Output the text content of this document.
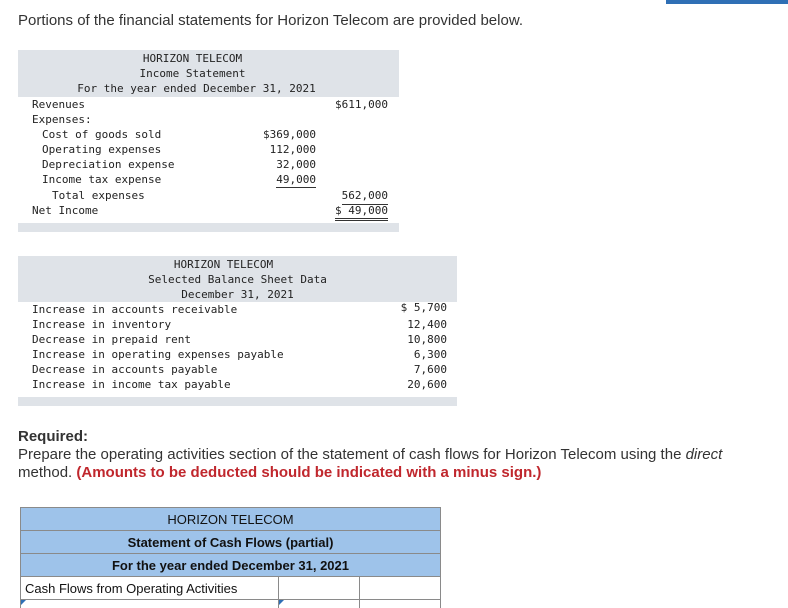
Portions of the financial statements for Horizon Telecom are provided below.
HORIZON TELECOM
Income Statement
For the year ended December 31, 2021
Revenues	$611,000
Expenses:
Cost of goods sold	$369,000
Operating expenses	112,000
Depreciation expense	32,000
Income tax expense	49,000
Total expenses	562,000
Net Income	$ 49,000
HORIZON TELECOM
Selected Balance Sheet Data
December 31, 2021
Increase in accounts receivable	$ 5,700
Increase in inventory	12,400
Decrease in prepaid rent	10,800
Increase in operating expenses payable	6,300
Decrease in accounts payable	7,600
Increase in income tax payable	20,600
Required:
Prepare the operating activities section of the statement of cash flows for Horizon Telecom using the direct method. (Amounts to be deducted should be indicated with a minus sign.)
HORIZON TELECOM		
Statement of Cash Flows (partial)		
For the year ended December 31, 2021		
Cash Flows from Operating Activities		
